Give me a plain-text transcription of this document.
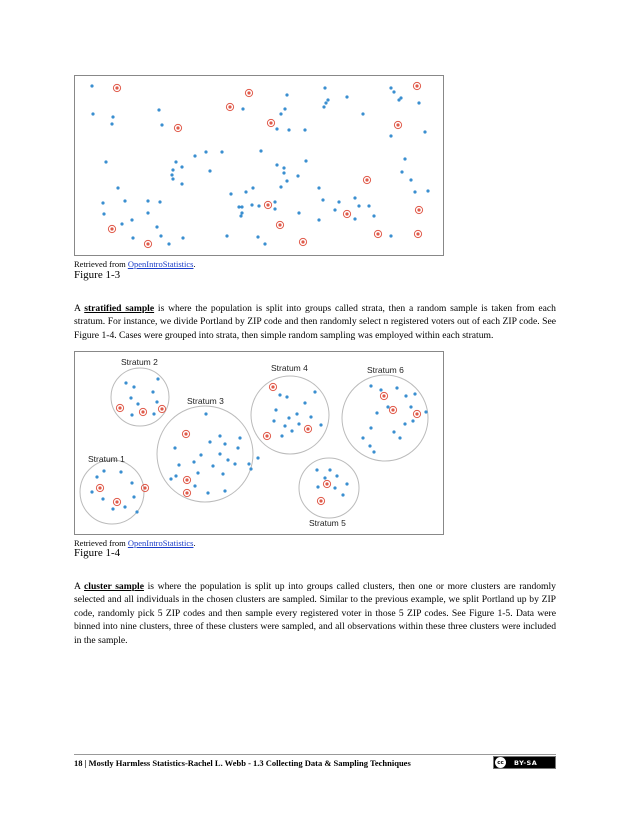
Retrieved from OpenIntroStatistics.
Figure 1-3
A stratified sample is where the population is split into groups called strata, then a random sample is taken from each stratum. For instance, we divide Portland by ZIP code and then randomly select n registered voters out of each ZIP code. See Figure 1-4. Cases were grouped into strata, then simple random sampling was employed within each stratum.
Stratum 1
Stratum 2
Stratum 3
Stratum 4
Stratum 5
Stratum 6
Retrieved from OpenIntroStatistics.
Figure 1-4
A cluster sample is where the population is split up into groups called clusters, then one or more clusters are randomly selected and all individuals in the chosen clusters are sampled. Similar to the previous example, we split Portland up by ZIP code, randomly pick 5 ZIP codes and then sample every registered voter in those 5 ZIP codes. See Figure 1-5. Data were binned into nine clusters, three of these clusters were sampled, and all observations within these three clusters were included in the sample.
18 | Mostly Harmless Statistics-Rachel L. Webb - 1.3 Collecting Data & Sampling Techniques	cc	BY-SA
